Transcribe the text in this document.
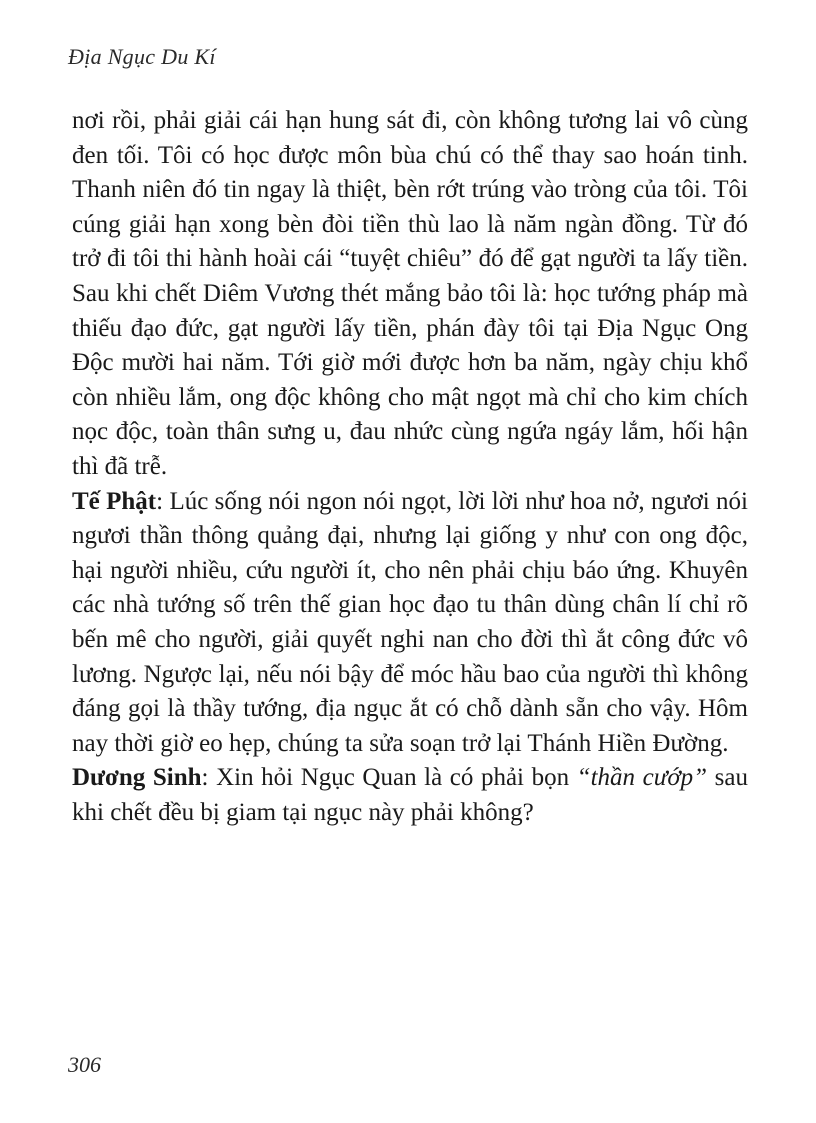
Địa Ngục Du Kí

nơi rồi, phải giải cái hạn hung sát đi, còn không tương lai vô cùng đen tối. Tôi có học được môn bùa chú có thể thay sao hoán tinh. Thanh niên đó tin ngay là thiệt, bèn rớt trúng vào tròng của tôi. Tôi cúng giải hạn xong bèn đòi tiền thù lao là năm ngàn đồng. Từ đó trở đi tôi thi hành hoài cái “tuyệt chiêu” đó để gạt người ta lấy tiền. Sau khi chết Diêm Vương thét mắng bảo tôi là: học tướng pháp mà thiếu đạo đức, gạt người lấy tiền, phán đày tôi tại Địa Ngục Ong Độc mười hai năm. Tới giờ mới được hơn ba năm, ngày chịu khổ còn nhiều lắm, ong độc không cho mật ngọt mà chỉ cho kim chích nọc độc, toàn thân sưng u, đau nhức cùng ngứa ngáy lắm, hối hận thì đã trễ.

Tế Phật: Lúc sống nói ngon nói ngọt, lời lời như hoa nở, ngươi nói ngươi thần thông quảng đại, nhưng lại giống y như con ong độc, hại người nhiều, cứu người ít, cho nên phải chịu báo ứng. Khuyên các nhà tướng số trên thế gian học đạo tu thân dùng chân lí chỉ rõ bến mê cho người, giải quyết nghi nan cho đời thì ắt công đức vô lương. Ngược lại, nếu nói bậy để móc hầu bao của người thì không đáng gọi là thầy tướng, địa ngục ắt có chỗ dành sẵn cho vậy. Hôm nay thời giờ eo hẹp, chúng ta sửa soạn trở lại Thánh Hiền Đường.

Dương Sinh: Xin hỏi Ngục Quan là có phải bọn “thần cướp” sau khi chết đều bị giam tại ngục này phải không?

306
